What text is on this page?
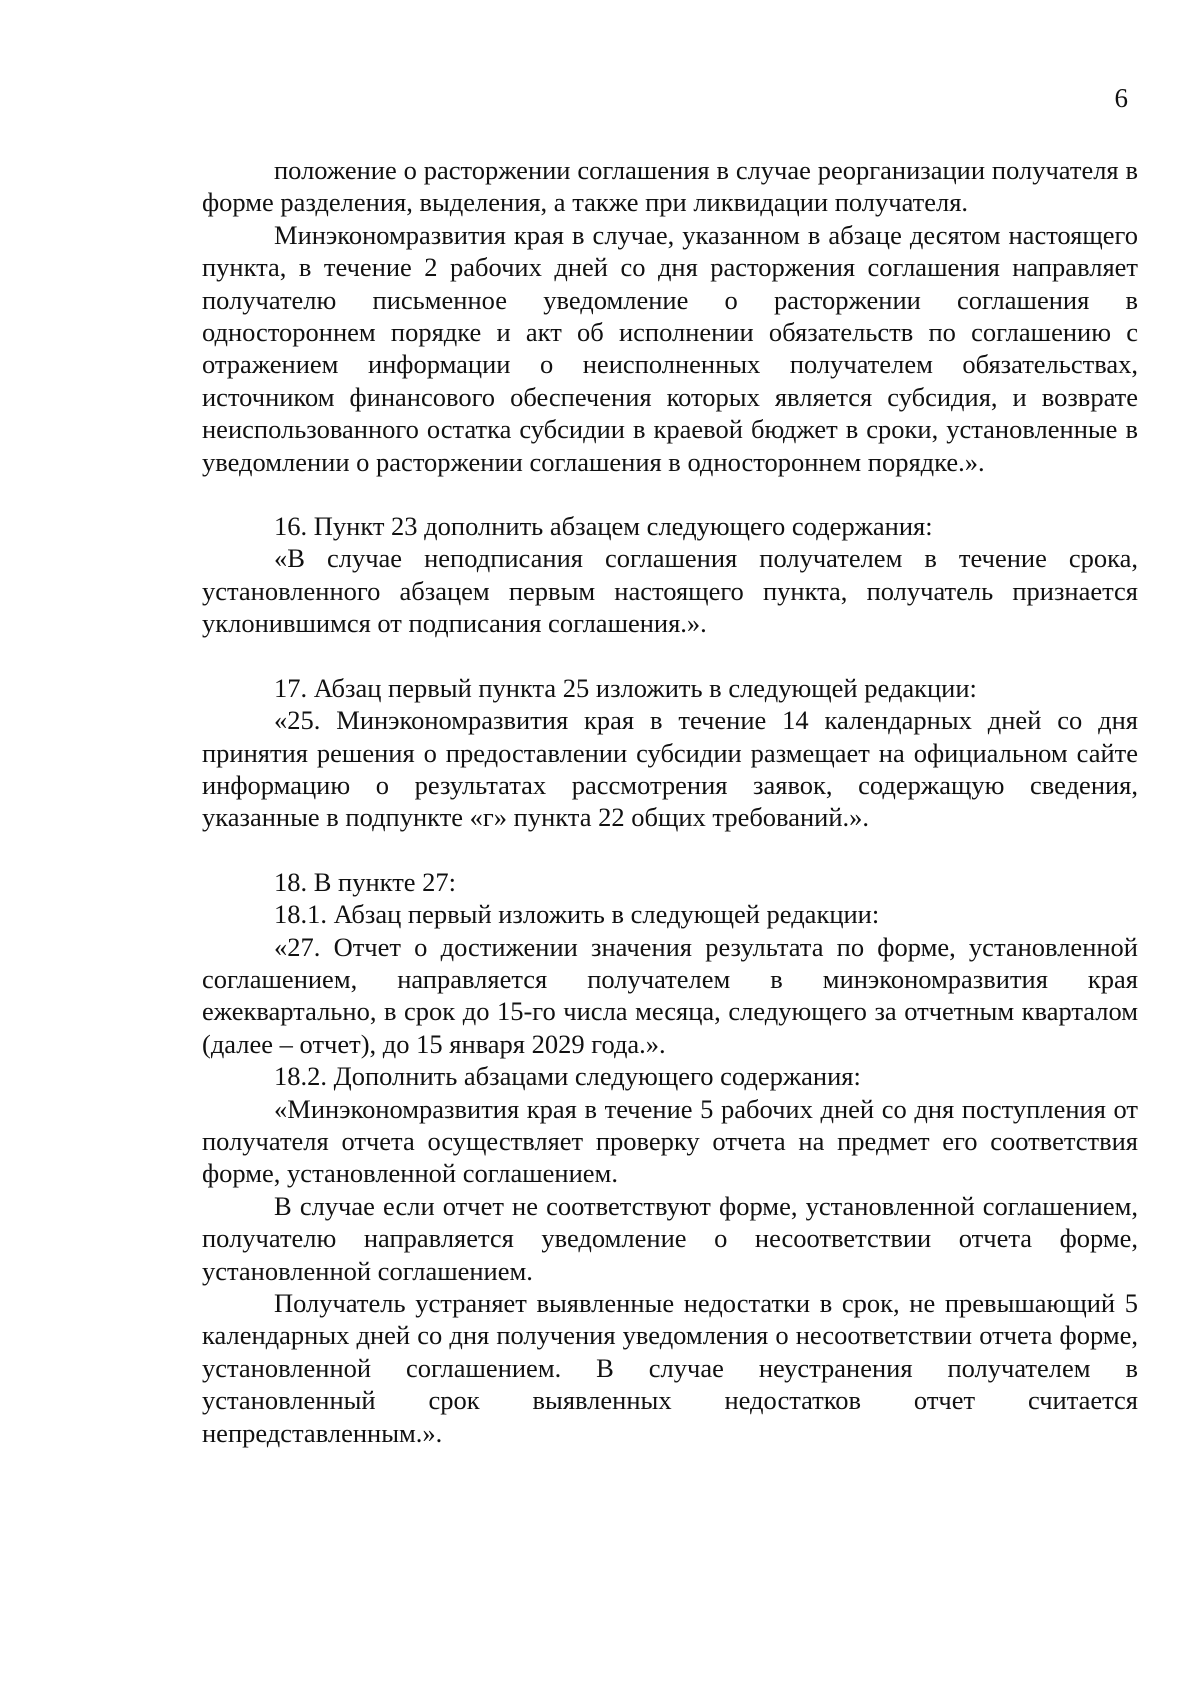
6

положение о расторжении соглашения в случае реорганизации получателя в форме разделения, выделения, а также при ликвидации получателя.

Минэкономразвития края в случае, указанном в абзаце десятом настоящего пункта, в течение 2 рабочих дней со дня расторжения соглашения направляет получателю письменное уведомление о расторжении соглашения в одностороннем порядке и акт об исполнении обязательств по соглашению с отражением информации о неисполненных получателем обязательствах, источником финансового обеспечения которых является субсидия, и возврате неиспользованного остатка субсидии в краевой бюджет в сроки, установленные в уведомлении о расторжении соглашения в одностороннем порядке.».

16. Пункт 23 дополнить абзацем следующего содержания:

«В случае неподписания соглашения получателем в течение срока, установленного абзацем первым настоящего пункта, получатель признается уклонившимся от подписания соглашения.».

17. Абзац первый пункта 25 изложить в следующей редакции:

«25. Минэкономразвития края в течение 14 календарных дней со дня принятия решения о предоставлении субсидии размещает на официальном сайте информацию о результатах рассмотрения заявок, содержащую сведения, указанные в подпункте «г» пункта 22 общих требований.».

18. В пункте 27:

18.1. Абзац первый изложить в следующей редакции:

«27. Отчет о достижении значения результата по форме, установленной соглашением, направляется получателем в минэкономразвития края ежеквартально, в срок до 15-го числа месяца, следующего за отчетным кварталом (далее – отчет), до 15 января 2029 года.».

18.2. Дополнить абзацами следующего содержания:

«Минэкономразвития края в течение 5 рабочих дней со дня поступления от получателя отчета осуществляет проверку отчета на предмет его соответствия форме, установленной соглашением.

В случае если отчет не соответствуют форме, установленной соглашением, получателю направляется уведомление о несоответствии отчета форме, установленной соглашением.

Получатель устраняет выявленные недостатки в срок, не превышающий 5 календарных дней со дня получения уведомления о несоответствии отчета форме, установленной соглашением. В случае неустранения получателем в установленный срок выявленных недостатков отчет считается непредставленным.».
